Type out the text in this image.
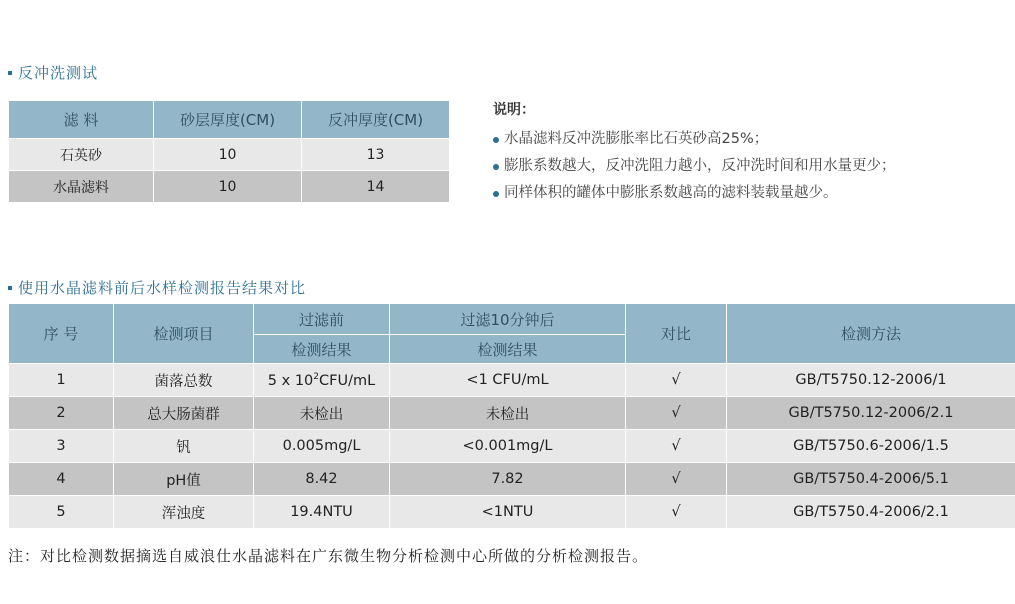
反冲洗测试
滤 料	砂层厚度(CM)	反冲厚度(CM)
石英砂	10	13
水晶滤料	10	14
说明：
水晶滤料反冲洗膨胀率比石英砂高25%；
膨胀系数越大，反冲洗阻力越小，反冲洗时间和用水量更少；
同样体积的罐体中膨胀系数越高的滤料装载量越少。
使用水晶滤料前后水样检测报告结果对比
序 号	检测项目	过滤前	过滤10分钟后	对比	检测方法
		检测结果	检测结果		
1	菌落总数	5 x $10^2CFU/mL$	<1 CFU/mL	√	GB/T5750.12-2006/1
2	总大肠菌群	未检出	未检出	√	GB/T5750.12-2006/2.1
3	钒	0.005mg/L	<0.001mg/L	√	GB/T5750.6-2006/1.5
4	pH值	8.42	7.82	√	GB/T5750.4-2006/5.1
5	浑浊度	19.4NTU	<1NTU	√	GB/T5750.4-2006/2.1
注：对比检测数据摘选自威浪仕水晶滤料在广东微生物分析检测中心所做的分析检测报告。
